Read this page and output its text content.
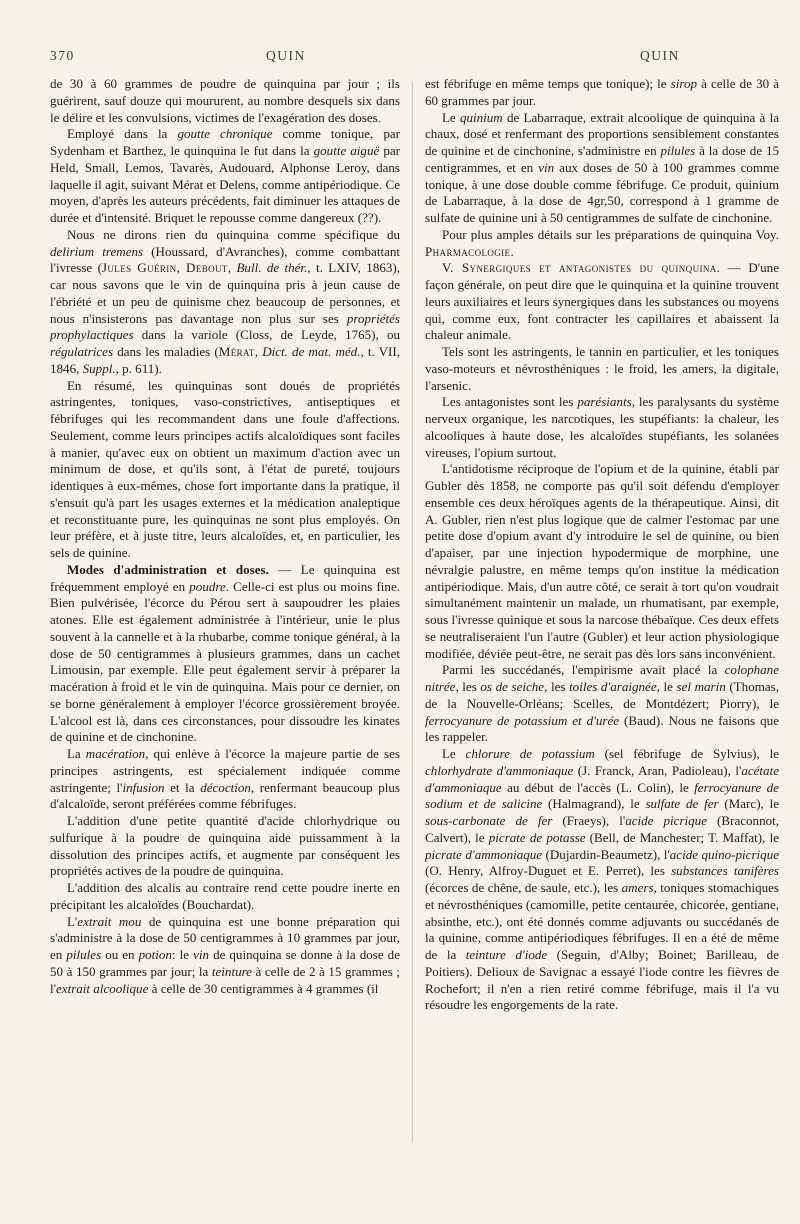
370	QUIN	QUIN

de 30 à 60 grammes de poudre de quinquina par jour ; ils guérirent, sauf douze qui moururent, au nombre desquels six dans le délire et les convulsions, victimes de l'exagération des doses.

Employé dans la goutte chronique comme tonique, par Sydenham et Barthez, le quinquina le fut dans la goutte aiguë par Held, Small, Lemos, Tavarès, Audouard, Alphonse Leroy, dans laquelle il agit, suivant Mérat et Delens, comme antipériodique. Ce moyen, d'après les auteurs précédents, fait diminuer les attaques de durée et d'intensité. Briquet le repousse comme dangereux (??).

Nous ne dirons rien du quinquina comme spécifique du delirium tremens (Houssard, d'Avranches), comme combattant l'ivresse (Jules Guérin, Debout, Bull. de thér., t. LXIV, 1863), car nous savons que le vin de quinquina pris à jeun cause de l'ébriété et un peu de quinisme chez beaucoup de personnes, et nous n'insisterons pas davantage non plus sur ses propriétés prophylactiques dans la variole (Closs, de Leyde, 1765), ou régulatrices dans les maladies (Mérat, Dict. de mat. méd., t. VII, 1846, Suppl., p. 611).

En résumé, les quinquinas sont doués de propriétés astringentes, toniques, vaso-constrictives, antiseptiques et fébrifuges qui les recommandent dans une foule d'affections. Seulement, comme leurs principes actifs alcaloïdiques sont faciles à manier, qu'avec eux on obtient un maximum d'action avec un minimum de dose, et qu'ils sont, à l'état de pureté, toujours identiques à eux-mêmes, chose fort importante dans la pratique, il s'ensuit qu'à part les usages externes et la médication analeptique et reconstituante pure, les quinquinas ne sont plus employés. On leur préfère, et à juste titre, leurs alcaloïdes, et, en particulier, les sels de quinine.

Modes d'administration et doses. — Le quinquina est fréquemment employé en poudre. Celle-ci est plus ou moins fine. Bien pulvérisée, l'écorce du Pérou sert à saupoudrer les plaies atones. Elle est également administrée à l'intérieur, unie le plus souvent à la cannelle et à la rhubarbe, comme tonique général, à la dose de 50 centigrammes à plusieurs grammes, dans un cachet Limousin, par exemple. Elle peut également servir à préparer la macération à froid et le vin de quinquina. Mais pour ce dernier, on se borne généralement à employer l'écorce grossièrement broyée. L'alcool est là, dans ces circonstances, pour dissoudre les kinates de quinine et de cinchonine.

La macération, qui enlève à l'écorce la majeure partie de ses principes astringents, est spécialement indiquée comme astringente; l'infusion et la décoction, renfermant beaucoup plus d'alcaloïde, seront préférées comme fébrifuges.

L'addition d'une petite quantité d'acide chlorhydrique ou sulfurique à la poudre de quinquina aide puissamment à la dissolution des principes actifs, et augmente par conséquent les propriétés actives de la poudre de quinquina.

L'addition des alcalis au contraire rend cette poudre inerte en précipitant les alcaloïdes (Bouchardat).

L'extrait mou de quinquina est une bonne préparation qui s'administre à la dose de 50 centigrammes à 10 grammes par jour, en pilules ou en potion: le vin de quinquina se donne à la dose de 50 à 150 grammes par jour; la teinture à celle de 2 à 15 grammes ; l'extrait alcoolique à celle de 30 centigrammes à 4 grammes (il

est fébrifuge en même temps que tonique); le sirop à celle de 30 à 60 grammes par jour.

Le quinium de Labarraque, extrait alcoolique de quinquina à la chaux, dosé et renfermant des proportions sensiblement constantes de quinine et de cinchonine, s'administre en pilules à la dose de 15 centigrammes, et en vin aux doses de 50 à 100 grammes comme tonique, à une dose double comme fébrifuge. Ce produit, quinium de Labarraque, à la dose de 4gr,50, correspond à 1 gramme de sulfate de quinine uni à 50 centigrammes de sulfate de cinchonine.

Pour plus amples détails sur les préparations de quinquina Voy. Pharmacologie.

V. Synergiques et antagonistes du quinquina. — D'une façon générale, on peut dire que le quinquina et la quinine trouvent leurs auxiliaires et leurs synergiques dans les substances ou moyens qui, comme eux, font contracter les capillaires et abaissent la chaleur animale.

Tels sont les astringents, le tannin en particulier, et les toniques vaso-moteurs et névrosthéniques : le froid, les amers, la digitale, l'arsenic.

Les antagonistes sont les parésiants, les paralysants du système nerveux organique, les narcotiques, les stupéfiants: la chaleur, les alcooliques à haute dose, les alcaloïdes stupéfiants, les solanées vireuses, l'opium surtout.

L'antidotisme réciproque de l'opium et de la quinine, établi par Gubler dès 1858, ne comporte pas qu'il soit défendu d'employer ensemble ces deux héroïques agents de la thérapeutique. Ainsi, dit A. Gubler, rien n'est plus logique que de calmer l'estomac par une petite dose d'opium avant d'y introduire le sel de quinine, ou bien d'apaiser, par une injection hypodermique de morphine, une névralgie palustre, en même temps qu'on institue la médication antipériodique. Mais, d'un autre côté, ce serait à tort qu'on voudrait simultanément maintenir un malade, un rhumatisant, par exemple, sous l'ivresse quinique et sous la narcose thébaïque. Ces deux effets se neutraliseraient l'un l'autre (Gubler) et leur action physiologique modifiée, déviée peut-être, ne serait pas dès lors sans inconvénient.

Parmi les succédanés, l'empirisme avait placé la colophane nitrée, les os de seiche, les toiles d'araignée, le sel marin (Thomas, de la Nouvelle-Orléans; Scelles, de Montdézert; Piorry), le ferrocyanure de potassium et d'urée (Baud). Nous ne faisons que les rappeler.

Le chlorure de potassium (sel fébrifuge de Sylvius), le chlorhydrate d'ammoniaque (J. Franck, Aran, Padioleau), l'acétate d'ammoniaque au début de l'accès (L. Colin), le ferrocyanure de sodium et de salicine (Halmagrand), le sulfate de fer (Marc), le sous-carbonate de fer (Fraeys), l'acide picrique (Braconnot, Calvert), le picrate de potasse (Bell, de Manchester; T. Maffat), le picrate d'ammoniaque (Dujardin-Beaumetz), l'acide quino-picrique (O. Henry, Alfroy-Duguet et E. Perret), les substances tanifères (écorces de chêne, de saule, etc.), les amers, toniques stomachiques et névrosthéniques (camomille, petite centaurée, chicorée, gentiane, absinthe, etc.), ont été donnés comme adjuvants ou succédanés de la quinine, comme antipériodiques fébrifuges. Il en a été de même de la teinture d'iode (Seguin, d'Alby; Boinet; Barilleau, de Poitiers). Delioux de Savignac a essayé l'iode contre les fièvres de Rochefort; il n'en a rien retiré comme fébrifuge, mais il l'a vu résoudre les engorgements de la rate.
